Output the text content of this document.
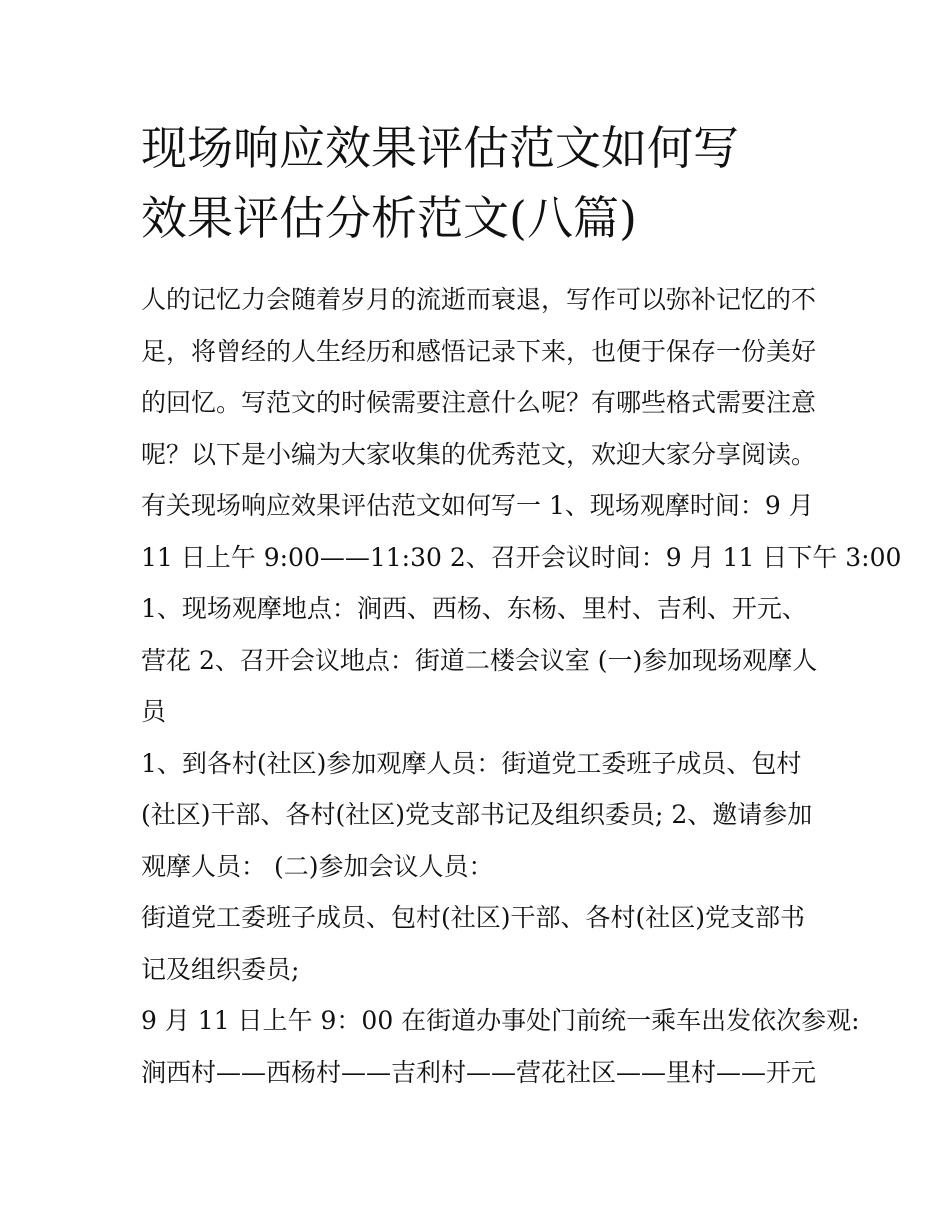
现场响应效果评估范文如何写
效果评估分析范文(八篇)
人的记忆力会随着岁月的流逝而衰退，写作可以弥补记忆的不
足，将曾经的人生经历和感悟记录下来，也便于保存一份美好
的回忆。写范文的时候需要注意什么呢？有哪些格式需要注意
呢？以下是小编为大家收集的优秀范文，欢迎大家分享阅读。
有关现场响应效果评估范文如何写一 1、现场观摩时间：9 月
11 日上午 9:00——11:30 2、召开会议时间：9 月 11 日下午 3:00
1、现场观摩地点：涧西、西杨、东杨、里村、吉利、开元、
营花 2、召开会议地点：街道二楼会议室 (一)参加现场观摩人
员
1、到各村(社区)参加观摩人员：街道党工委班子成员、包村
(社区)干部、各村(社区)党支部书记及组织委员; 2、邀请参加
观摩人员： (二)参加会议人员：
街道党工委班子成员、包村(社区)干部、各村(社区)党支部书
记及组织委员;
9 月 11 日上午 9：00 在街道办事处门前统一乘车出发依次参观:
涧西村——西杨村——吉利村——营花社区——里村——开元
